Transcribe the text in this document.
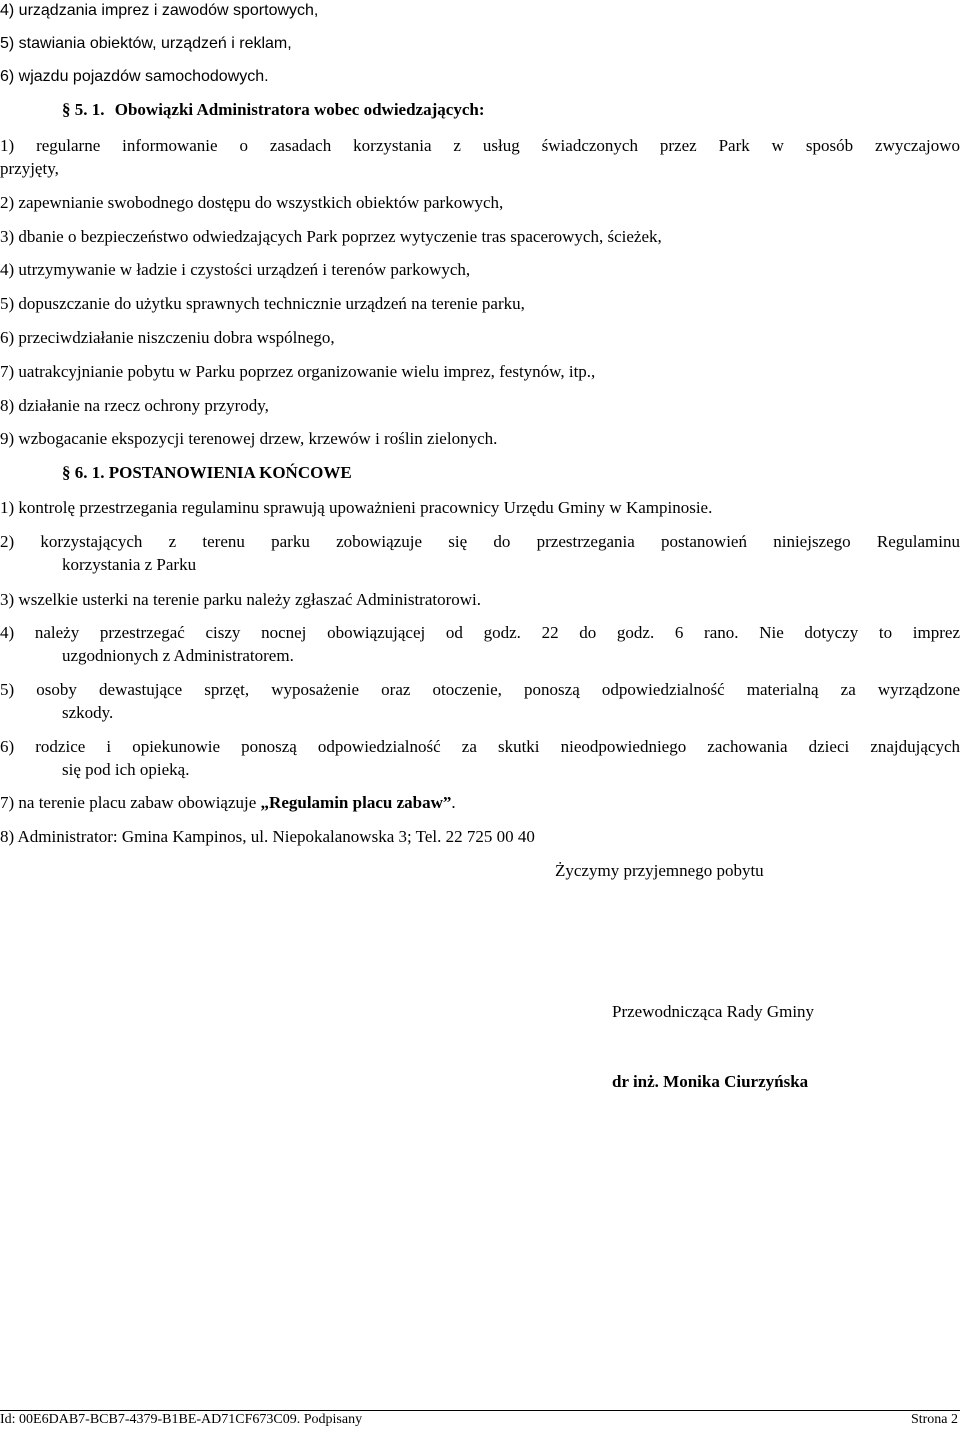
4) urządzania imprez i zawodów sportowych,
5) stawiania obiektów, urządzeń i reklam,
6) wjazdu pojazdów samochodowych.
§ 5. 1. Obowiązki Administratora wobec odwiedzających:
1) regularne informowanie o zasadach korzystania z usług świadczonych przez Park w sposób zwyczajowo
przyjęty,
2) zapewnianie swobodnego dostępu do wszystkich obiektów parkowych,
3) dbanie o bezpieczeństwo odwiedzających Park poprzez wytyczenie tras spacerowych, ścieżek,
4) utrzymywanie w ładzie i czystości urządzeń i terenów parkowych,
5) dopuszczanie do użytku sprawnych technicznie urządzeń na terenie parku,
6) przeciwdziałanie niszczeniu dobra wspólnego,
7) uatrakcyjnianie pobytu w Parku poprzez organizowanie wielu imprez, festynów, itp.,
8) działanie na rzecz ochrony przyrody,
9) wzbogacanie ekspozycji terenowej drzew, krzewów i roślin zielonych.
§ 6. 1. POSTANOWIENIA KOŃCOWE
1) kontrolę przestrzegania regulaminu sprawują upoważnieni pracownicy Urzędu Gminy w Kampinosie.
2) korzystających z terenu parku zobowiązuje się do przestrzegania postanowień niniejszego Regulaminu
korzystania z Parku
3) wszelkie usterki na terenie parku należy zgłaszać Administratorowi.
4) należy przestrzegać ciszy nocnej obowiązującej od godz. 22 do godz. 6 rano. Nie dotyczy to imprez
uzgodnionych z Administratorem.
5) osoby dewastujące sprzęt, wyposażenie oraz otoczenie, ponoszą odpowiedzialność materialną za wyrządzone
szkody.
6) rodzice i opiekunowie ponoszą odpowiedzialność za skutki nieodpowiedniego zachowania dzieci znajdujących
się pod ich opieką.
7) na terenie placu zabaw obowiązuje „Regulamin placu zabaw”.
8) Administrator: Gmina Kampinos, ul. Niepokalanowska 3; Tel. 22 725 00 40
Życzymy przyjemnego pobytu
Przewodnicząca Rady Gminy
dr inż. Monika Ciurzyńska
Id: 00E6DAB7-BCB7-4379-B1BE-AD71CF673C09. Podpisany	Strona 2
